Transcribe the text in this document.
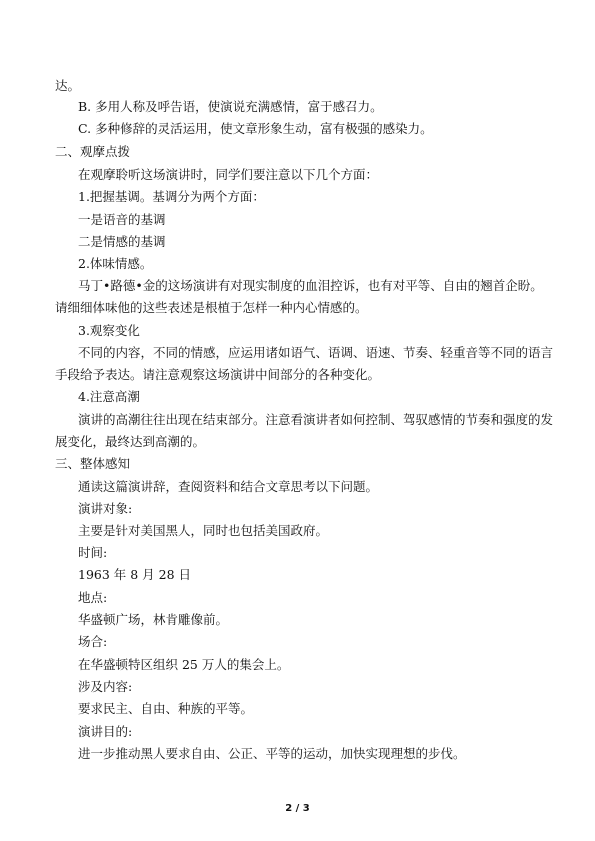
达。
B. 多用人称及呼告语，使演说充满感情，富于感召力。
C. 多种修辞的灵活运用，使文章形象生动，富有极强的感染力。
二、观摩点拨
在观摩聆听这场演讲时，同学们要注意以下几个方面：
1.把握基调。基调分为两个方面：
一是语音的基调
二是情感的基调
2.体味情感。
马丁•路德•金的这场演讲有对现实制度的血泪控诉，也有对平等、自由的翘首企盼。
请细细体味他的这些表述是根植于怎样一种内心情感的。
3.观察变化
不同的内容，不同的情感，应运用诸如语气、语调、语速、节奏、轻重音等不同的语言
手段给予表达。请注意观察这场演讲中间部分的各种变化。
4.注意高潮
演讲的高潮往往出现在结束部分。注意看演讲者如何控制、驾驭感情的节奏和强度的发
展变化，最终达到高潮的。
三、整体感知
通读这篇演讲辞，查阅资料和结合文章思考以下问题。
演讲对象:
主要是针对美国黑人，同时也包括美国政府。
时间:
1963 年 8 月 28 日
地点:
华盛顿广场，林肯雕像前。
场合:
在华盛顿特区组织 25 万人的集会上。
涉及内容:
要求民主、自由、种族的平等。
演讲目的:
进一步推动黑人要求自由、公正、平等的运动，加快实现理想的步伐。
2 / 3
